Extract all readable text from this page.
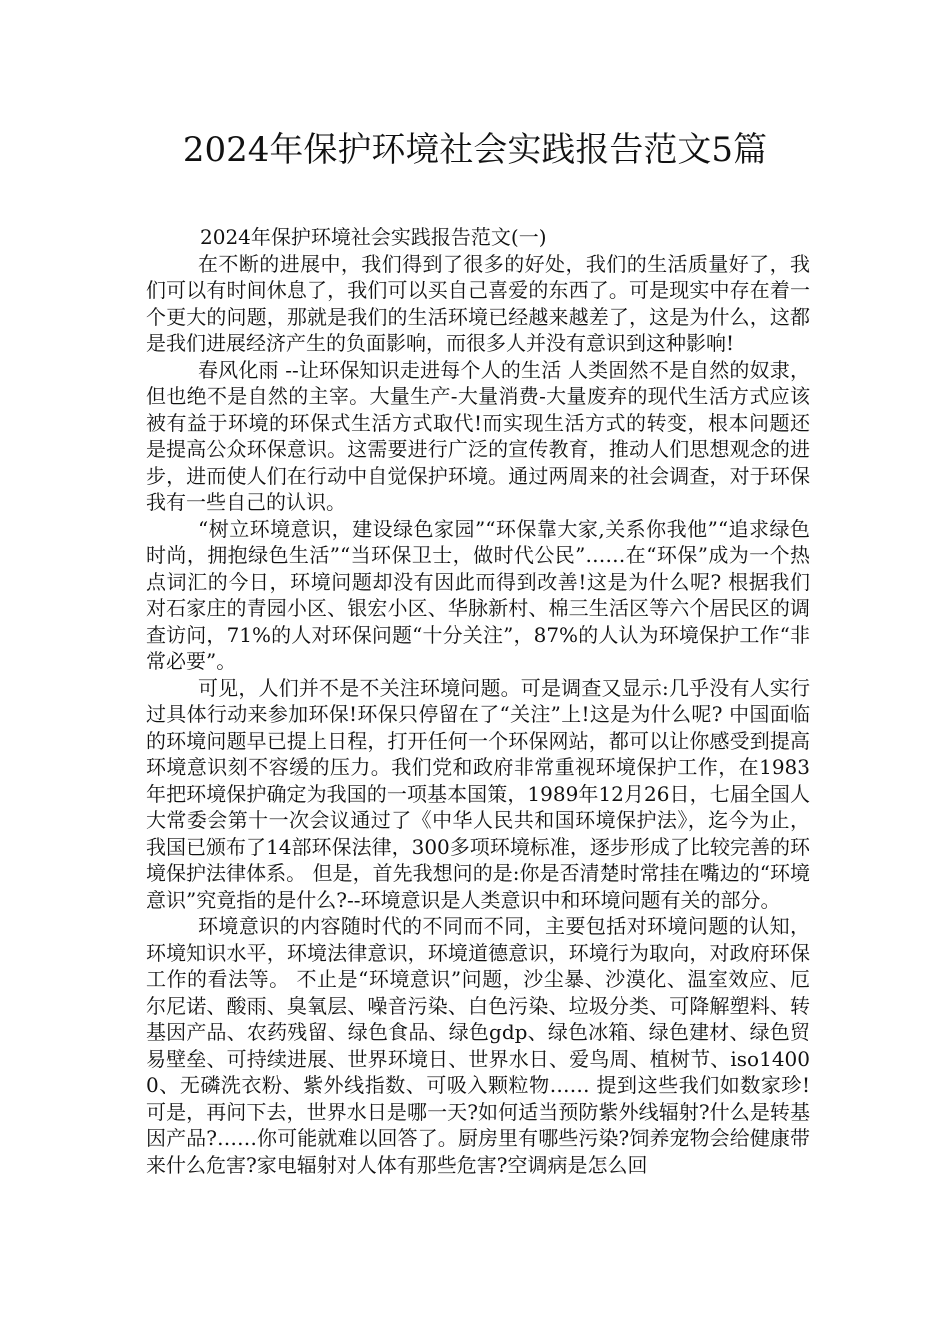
2024年保护环境社会实践报告范文5篇

2024年保护环境社会实践报告范文(一)

在不断的进展中，我们得到了很多的好处，我们的生活质量好了，我们可以有时间休息了，我们可以买自己喜爱的东西了。可是现实中存在着一个更大的问题，那就是我们的生活环境已经越来越差了，这是为什么，这都是我们进展经济产生的负面影响，而很多人并没有意识到这种影响!

春风化雨 --让环保知识走进每个人的生活 人类固然不是自然的奴隶，但也绝不是自然的主宰。大量生产-大量消费-大量废弃的现代生活方式应该被有益于环境的环保式生活方式取代!而实现生活方式的转变，根本问题还是提高公众环保意识。这需要进行广泛的宣传教育，推动人们思想观念的进步，进而使人们在行动中自觉保护环境。通过两周来的社会调查，对于环保我有一些自己的认识。

“树立环境意识，建设绿色家园”“环保靠大家,关系你我他”“追求绿色时尚，拥抱绿色生活”“当环保卫士，做时代公民”……在“环保”成为一个热点词汇的今日，环境问题却没有因此而得到改善!这是为什么呢? 根据我们对石家庄的青园小区、银宏小区、华脉新村、棉三生活区等六个居民区的调查访问，71%的人对环保问题“十分关注”，87%的人认为环境保护工作“非常必要”。

可见，人们并不是不关注环境问题。可是调查又显示:几乎没有人实行过具体行动来参加环保!环保只停留在了“关注”上!这是为什么呢? 中国面临的环境问题早已提上日程，打开任何一个环保网站，都可以让你感受到提高环境意识刻不容缓的压力。我们党和政府非常重视环境保护工作，在1983年把环境保护确定为我国的一项基本国策，1989年12月26日，七届全国人大常委会第十一次会议通过了《中华人民共和国环境保护法》，迄今为止，我国已颁布了14部环保法律，300多项环境标准，逐步形成了比较完善的环境保护法律体系。 但是，首先我想问的是:你是否清楚时常挂在嘴边的“环境意识”究竟指的是什么?--环境意识是人类意识中和环境问题有关的部分。

环境意识的内容随时代的不同而不同，主要包括对环境问题的认知，环境知识水平，环境法律意识，环境道德意识，环境行为取向，对政府环保工作的看法等。 不止是“环境意识”问题，沙尘暴、沙漠化、温室效应、厄尔尼诺、酸雨、臭氧层、噪音污染、白色污染、垃圾分类、可降解塑料、转基因产品、农药残留、绿色食品、绿色gdp、绿色冰箱、绿色建材、绿色贸易壁垒、可持续进展、世界环境日、世界水日、爱鸟周、植树节、iso14000、无磷洗衣粉、紫外线指数、可吸入颗粒物…… 提到这些我们如数家珍!可是，再问下去，世界水日是哪一天?如何适当预防紫外线辐射?什么是转基因产品?……你可能就难以回答了。厨房里有哪些污染?饲养宠物会给健康带来什么危害?家电辐射对人体有那些危害?空调病是怎么回
